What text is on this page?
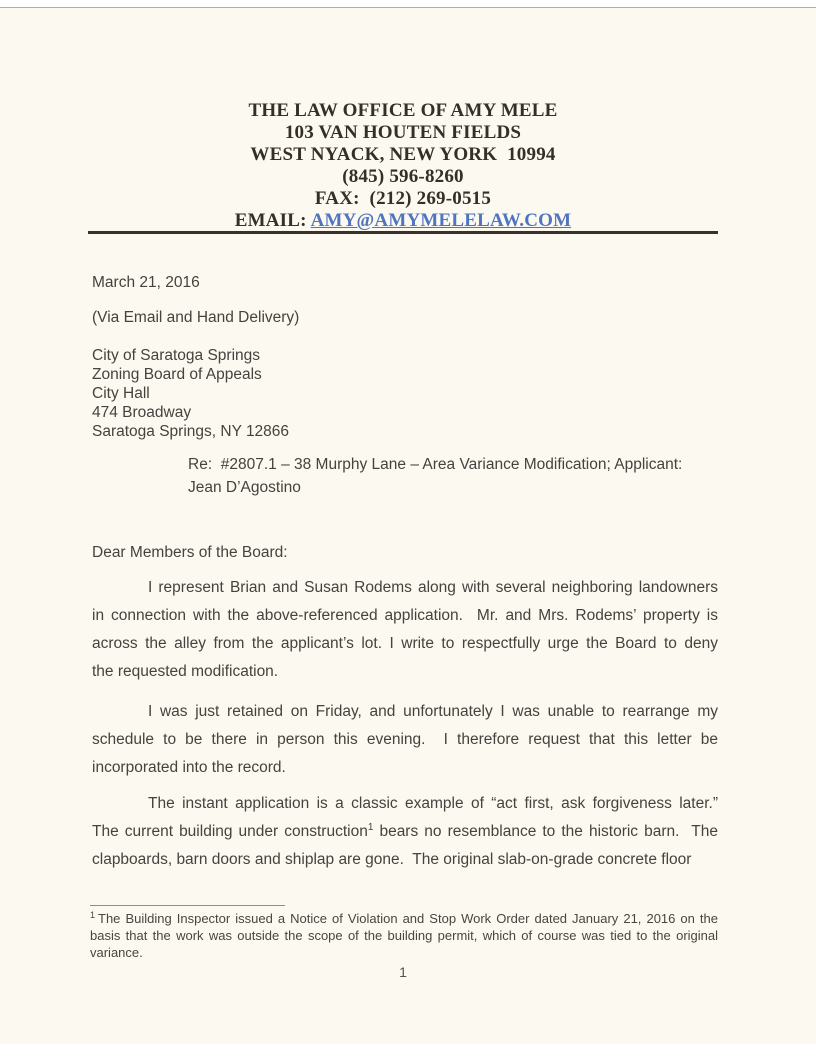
THE LAW OFFICE OF AMY MELE
103 VAN HOUTEN FIELDS
WEST NYACK, NEW YORK  10994
(845) 596-8260
FAX:  (212) 269-0515
EMAIL: AMY@AMYMELELAW.COM
March 21, 2016
(Via Email and Hand Delivery)
City of Saratoga Springs
Zoning Board of Appeals
City Hall
474 Broadway
Saratoga Springs, NY 12866
Re:  #2807.1 – 38 Murphy Lane – Area Variance Modification; Applicant:
Jean D’Agostino
Dear Members of the Board:
I represent Brian and Susan Rodems along with several neighboring landowners
in connection with the above-referenced application.  Mr. and Mrs. Rodems’ property is
across the alley from the applicant’s lot. I write to respectfully urge the Board to deny
the requested modification.
I was just retained on Friday, and unfortunately I was unable to rearrange my
schedule to be there in person this evening.  I therefore request that this letter be
incorporated into the record.
The instant application is a classic example of “act first, ask forgiveness later.”
The current building under construction$^1$ bears no resemblance to the historic barn.  The
clapboards, barn doors and shiplap are gone.  The original slab-on-grade concrete floor
$^1$ The Building Inspector issued a Notice of Violation and Stop Work Order dated January 21, 2016 on the
basis that the work was outside the scope of the building permit, which of course was tied to the original
variance.
1
